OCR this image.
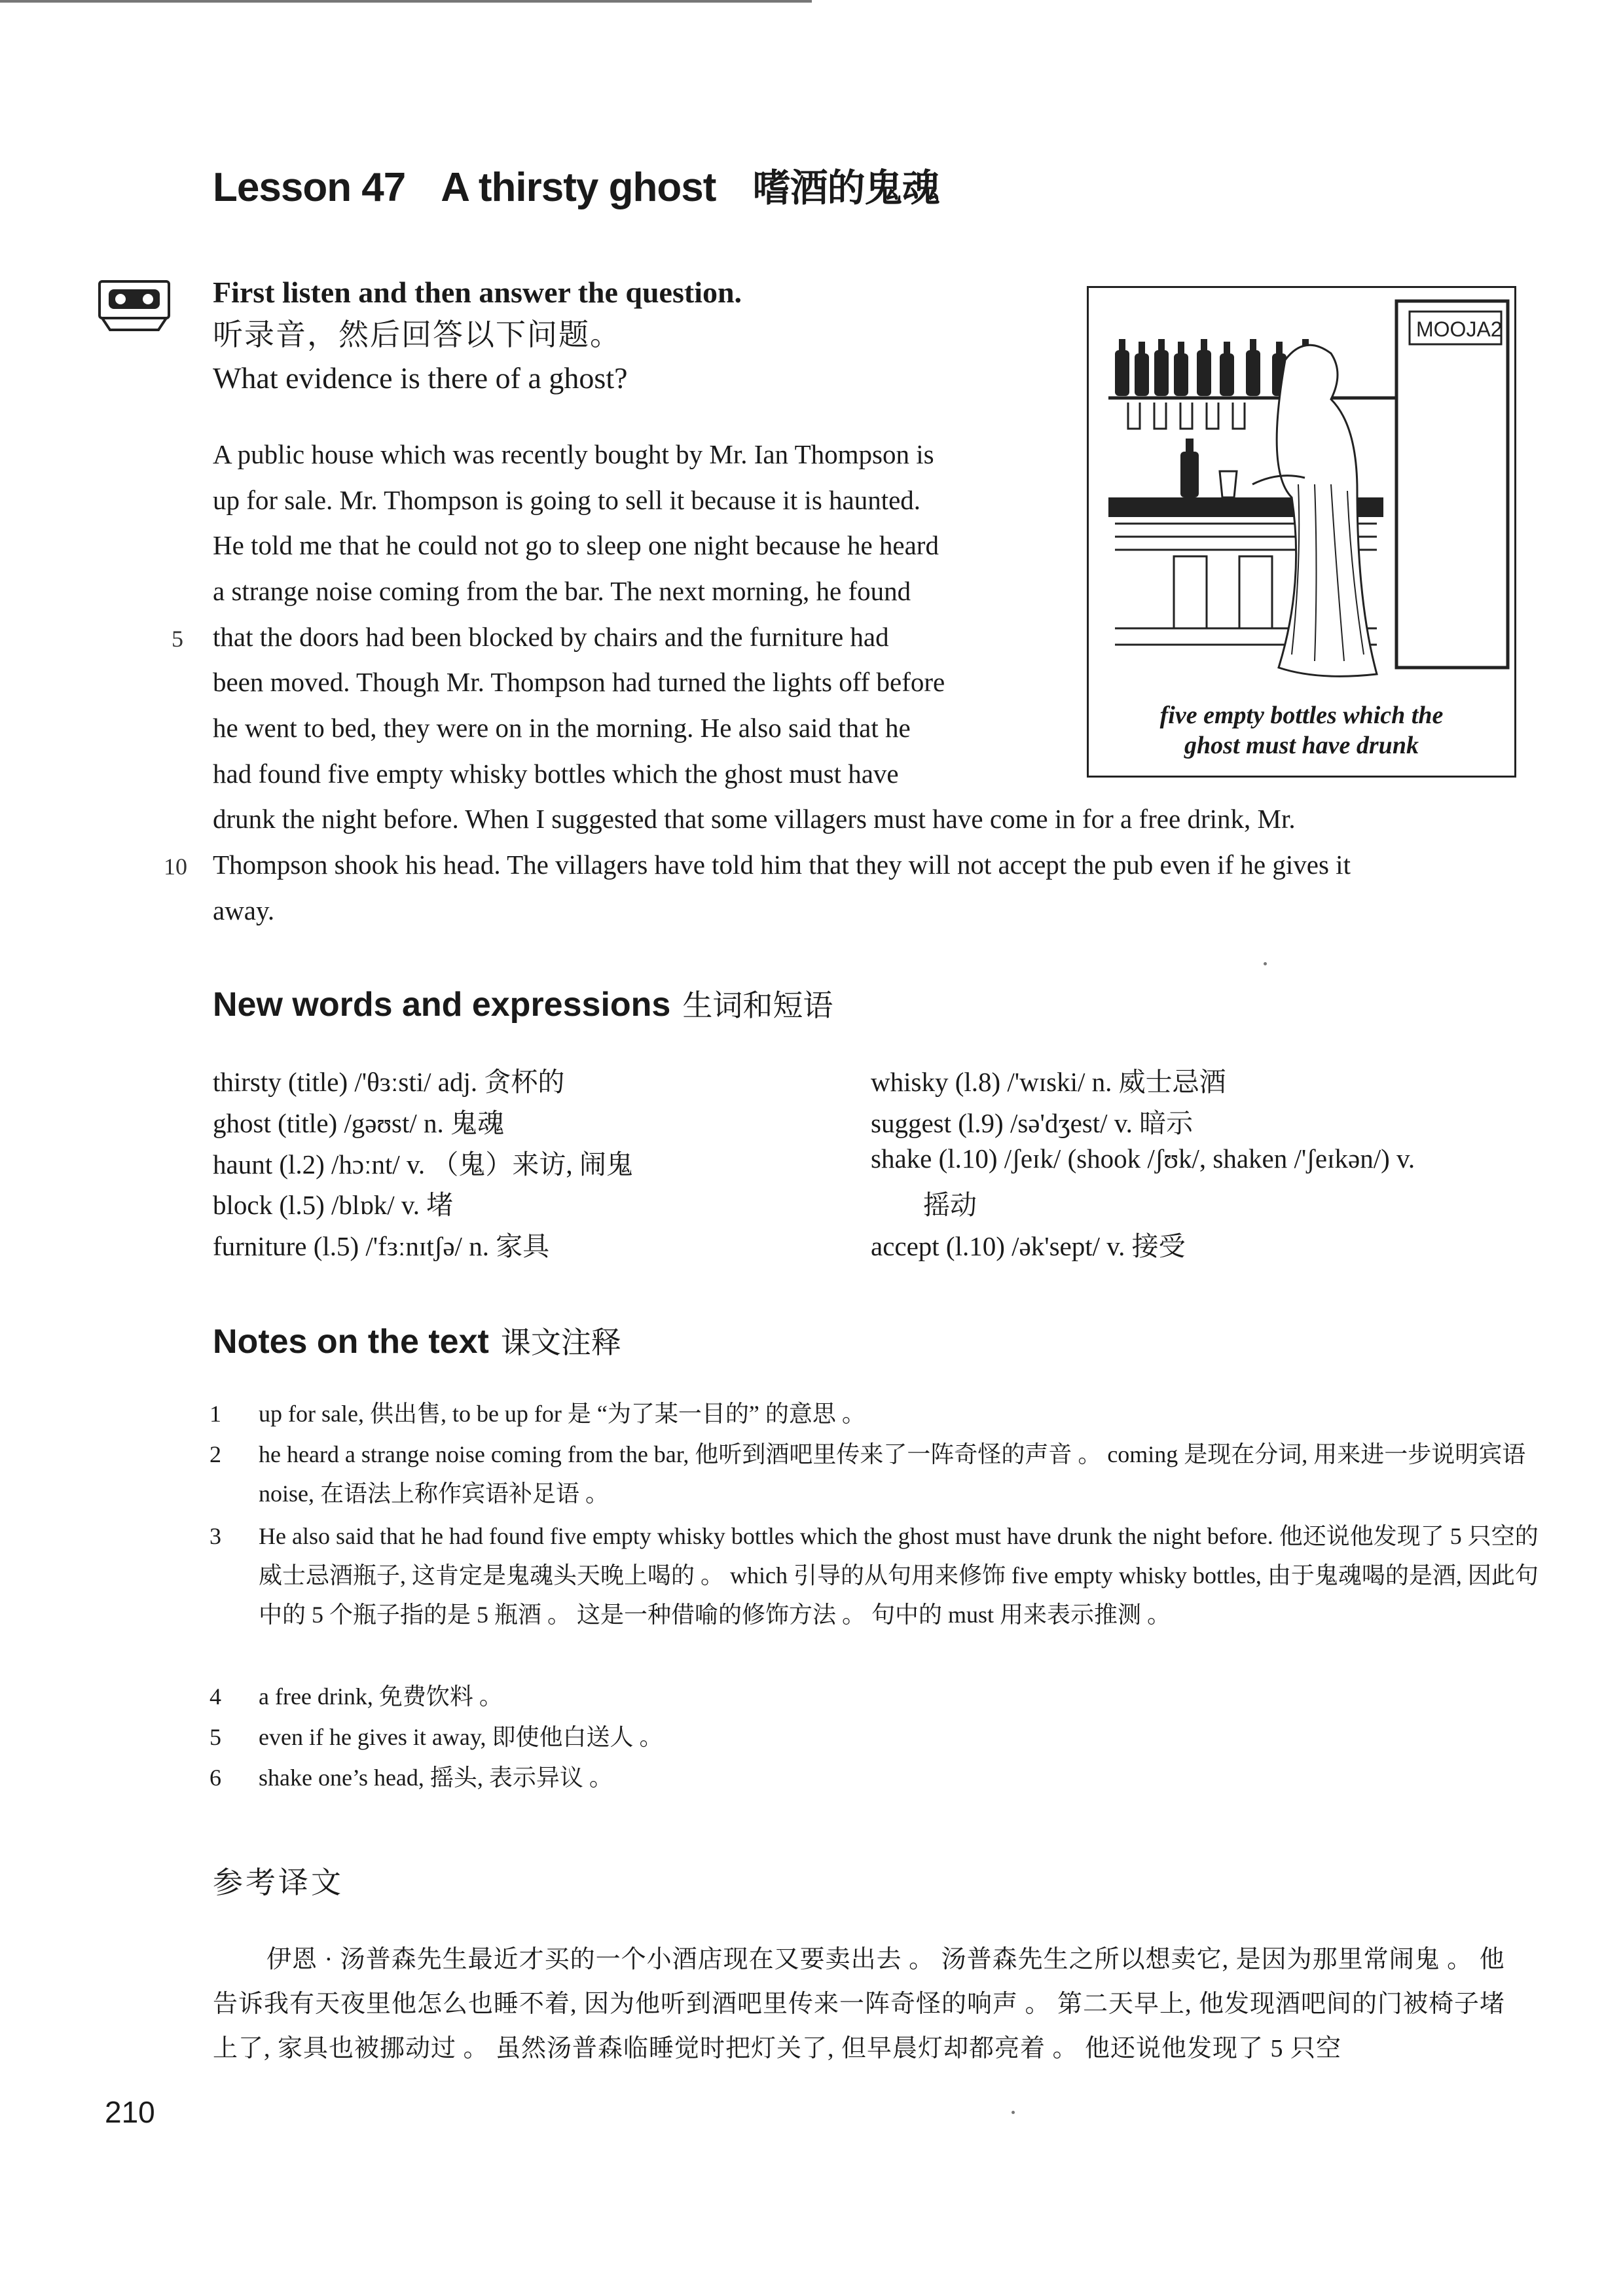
Lesson 47 A thirsty ghost 嗜酒的鬼魂
First listen and then answer the question.
听录音，然后回答以下问题。
What evidence is there of a ghost?
A public house which was recently bought by Mr. Ian Thompson is
up for sale. Mr. Thompson is going to sell it because it is haunted.
He told me that he could not go to sleep one night because he heard
a strange noise coming from the bar. The next morning, he found
that the doors had been blocked by chairs and the furniture had
been moved. Though Mr. Thompson had turned the lights off before
he went to bed, they were on in the morning. He also said that he
had found five empty whisky bottles which the ghost must have
drunk the night before. When I suggested that some villagers must have come in for a free drink, Mr.
Thompson shook his head. The villagers have told him that they will not accept the pub even if he gives it
away.
5
10
MOOJA2
five empty bottles which the
ghost must have drunk
New words and expressions 生词和短语
thirsty (title) /'θɜːsti/ adj. 贪杯的
ghost (title) /gəʊst/ n. 鬼魂
haunt (l.2) /hɔːnt/ v. （鬼）来访, 闹鬼
block (l.5) /blɒk/ v. 堵
furniture (l.5) /'fɜːnɪtʃə/ n. 家具
whisky (l.8) /'wɪski/ n. 威士忌酒
suggest (l.9) /sə'dʒest/ v. 暗示
shake (l.10) /ʃeɪk/ (shook /ʃʊk/, shaken /'ʃeɪkən/) v.
摇动
accept (l.10) /ək'sept/ v. 接受
Notes on the text 课文注释
1 up for sale, 供出售, to be up for 是 “为了某一目的” 的意思 。
2 he heard a strange noise coming from the bar, 他听到酒吧里传来了一阵奇怪的声音 。 coming 是现在分词, 用来进一步说明宾语 noise, 在语法上称作宾语补足语 。
3 He also said that he had found five empty whisky bottles which the ghost must have drunk the night before. 他还说他发现了 5 只空的威士忌酒瓶子, 这肯定是鬼魂头天晚上喝的 。 which 引导的从句用来修饰 five empty whisky bottles, 由于鬼魂喝的是酒, 因此句中的 5 个瓶子指的是 5 瓶酒 。 这是一种借喻的修饰方法 。 句中的 must 用来表示推测 。
4 a free drink, 免费饮料 。
5 even if he gives it away, 即使他白送人 。
6 shake one’s head, 摇头, 表示异议 。
参考译文
伊恩 · 汤普森先生最近才买的一个小酒店现在又要卖出去 。 汤普森先生之所以想卖它, 是因为那里常闹鬼 。 他告诉我有天夜里他怎么也睡不着, 因为他听到酒吧里传来一阵奇怪的响声 。 第二天早上, 他发现酒吧间的门被椅子堵上了, 家具也被挪动过 。 虽然汤普森临睡觉时把灯关了, 但早晨灯却都亮着 。 他还说他发现了 5 只空
210
